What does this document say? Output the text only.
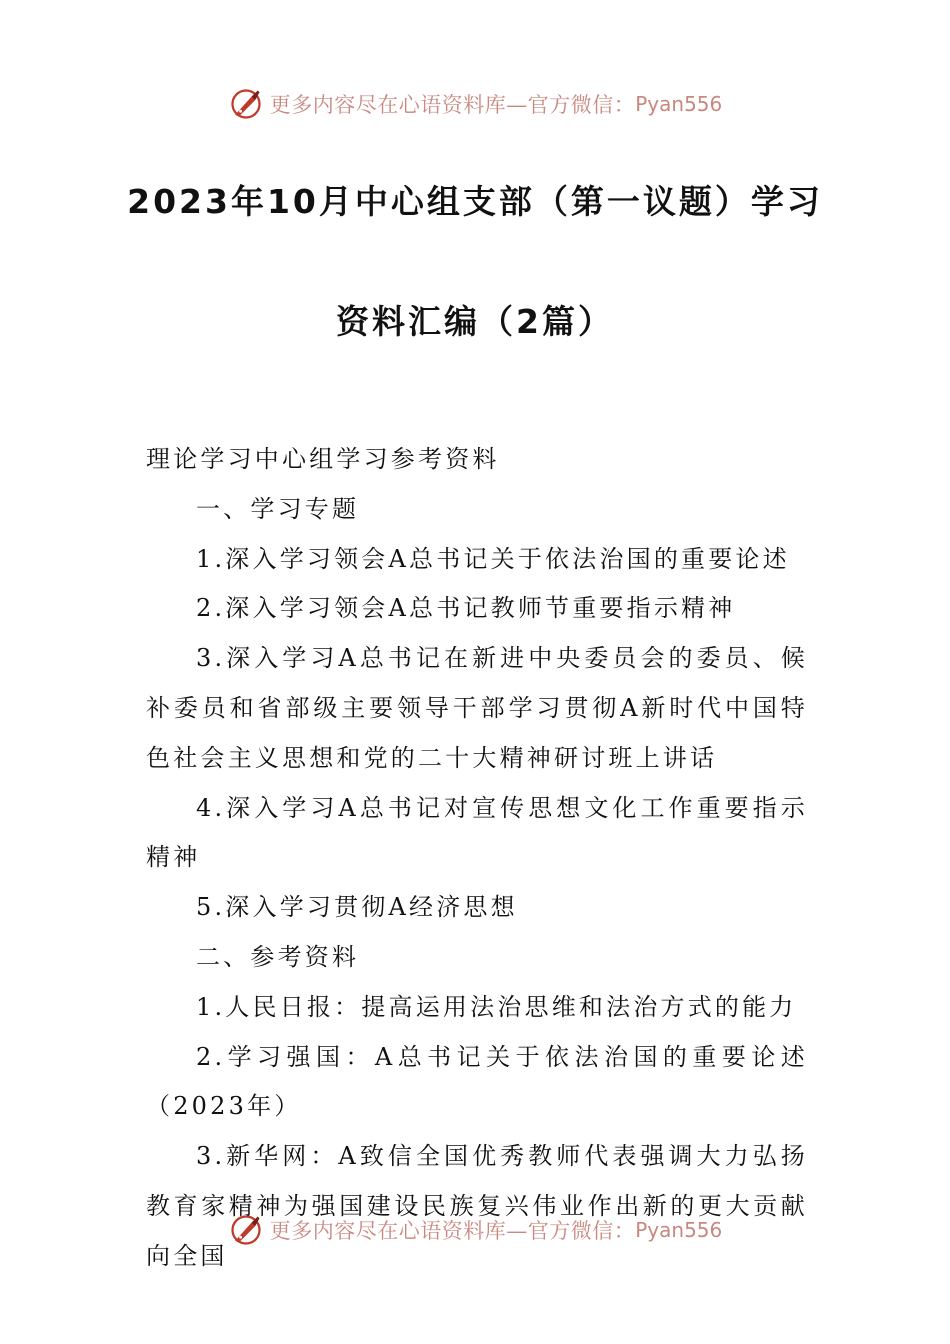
更多内容尽在心语资料库—官方微信： Pyan556
2023年10月中心组支部（第一议题）学习
资料汇编（2篇）

理论学习中心组学习参考资料

一、学习专题

1.深入学习领会A总书记关于依法治国的重要论述

2.深入学习领会A总书记教师节重要指示精神

3.深入学习A总书记在新进中央委员会的委员、候补委员和省部级主要领导干部学习贯彻A新时代中国特色社会主义思想和党的二十大精神研讨班上讲话

4.深入学习A总书记对宣传思想文化工作重要指示精神

5.深入学习贯彻A经济思想

二、参考资料

1.人民日报：提高运用法治思维和法治方式的能力

2.学习强国：A总书记关于依法治国的重要论述（2023年）

3.新华网：A致信全国优秀教师代表强调大力弘扬教育家精神为强国建设民族复兴伟业作出新的更大贡献向全国

更多内容尽在心语资料库—官方微信： Pyan556
